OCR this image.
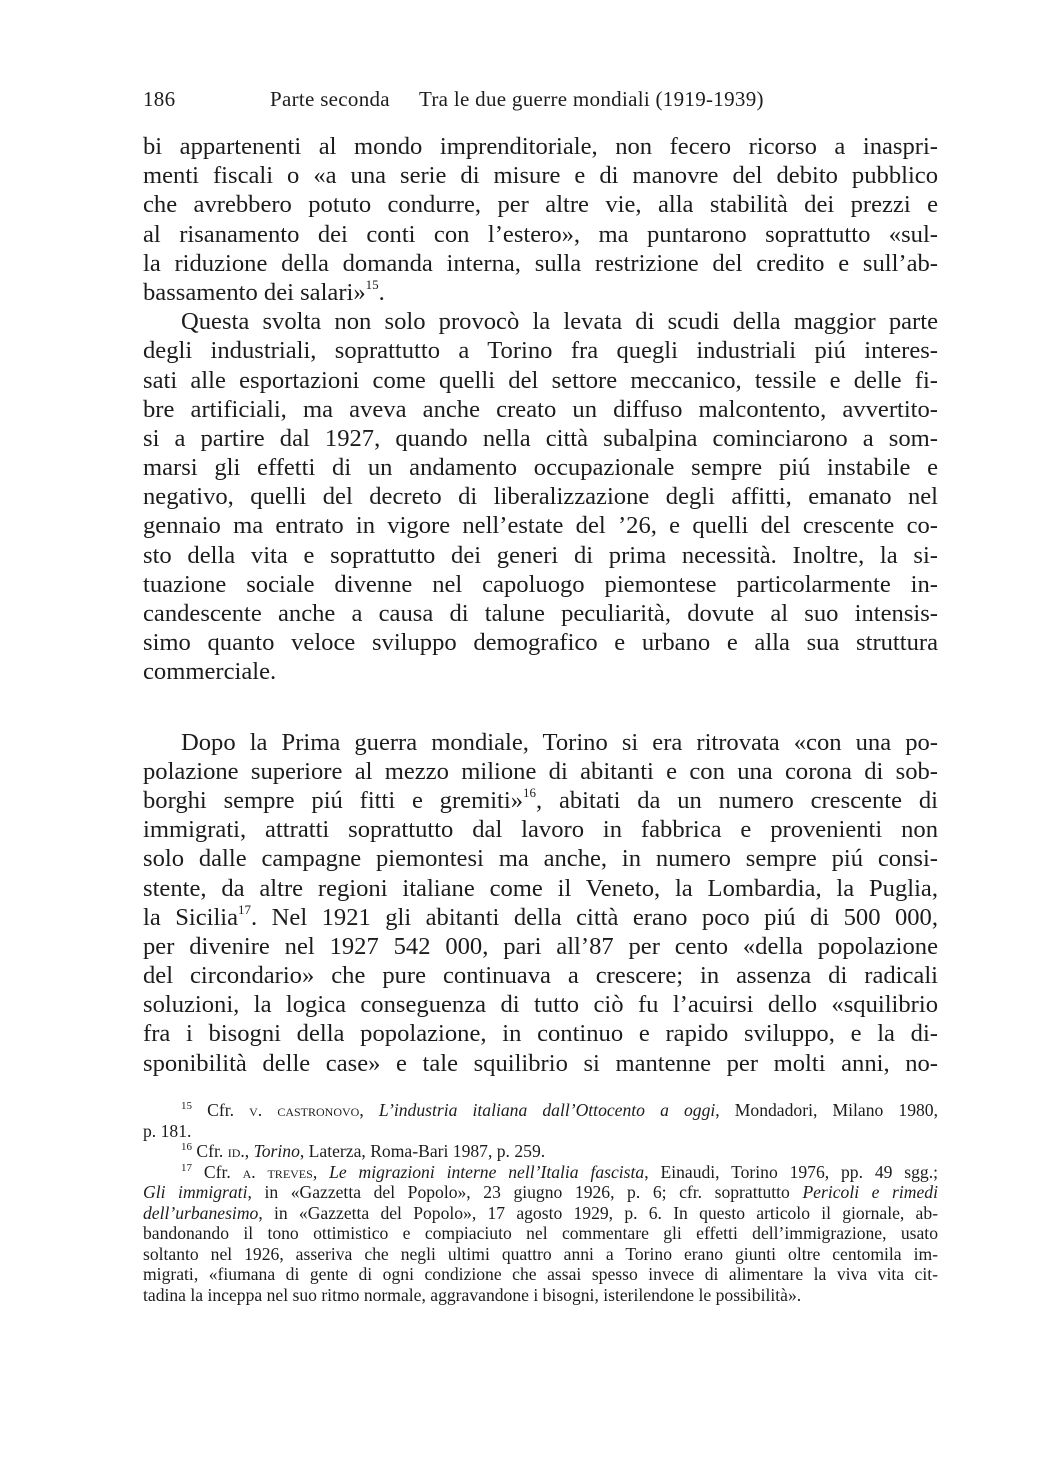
186	Parte seconda Tra le due guerre mondiali (1919-1939)
bi appartenenti al mondo imprenditoriale, non fecero ricorso a inaspri-
menti fiscali o «a una serie di misure e di manovre del debito pubblico
che avrebbero potuto condurre, per altre vie, alla stabilità dei prezzi e
al risanamento dei conti con l’estero», ma puntarono soprattutto «sul-
la riduzione della domanda interna, sulla restrizione del credito e sull’ab-
bassamento dei salari»$^{15}$.
Questa svolta non solo provocò la levata di scudi della maggior parte
degli industriali, soprattutto a Torino fra quegli industriali piú interes-
sati alle esportazioni come quelli del settore meccanico, tessile e delle fi-
bre artificiali, ma aveva anche creato un diffuso malcontento, avvertito-
si a partire dal 1927, quando nella città subalpina cominciarono a som-
marsi gli effetti di un andamento occupazionale sempre piú instabile e
negativo, quelli del decreto di liberalizzazione degli affitti, emanato nel
gennaio ma entrato in vigore nell’estate del ’26, e quelli del crescente co-
sto della vita e soprattutto dei generi di prima necessità. Inoltre, la si-
tuazione sociale divenne nel capoluogo piemontese particolarmente in-
candescente anche a causa di talune peculiarità, dovute al suo intensis-
simo quanto veloce sviluppo demografico e urbano e alla sua struttura
commerciale.
Dopo la Prima guerra mondiale, Torino si era ritrovata «con una po-
polazione superiore al mezzo milione di abitanti e con una corona di sob-
borghi sempre piú fitti e gremiti»$^{16}$, abitati da un numero crescente di
immigrati, attratti soprattutto dal lavoro in fabbrica e provenienti non
solo dalle campagne piemontesi ma anche, in numero sempre piú consi-
stente, da altre regioni italiane come il Veneto, la Lombardia, la Puglia,
la Sicilia$^{17}$. Nel 1921 gli abitanti della città erano poco piú di 500 000,
per divenire nel 1927 542 000, pari all’87 per cento «della popolazione
del circondario» che pure continuava a crescere; in assenza di radicali
soluzioni, la logica conseguenza di tutto ciò fu l’acuirsi dello «squilibrio
fra i bisogni della popolazione, in continuo e rapido sviluppo, e la di-
sponibilità delle case» e tale squilibrio si mantenne per molti anni, no-
$^{15}$ Cfr. v. castronovo, L’industria italiana dall’Ottocento a oggi, Mondadori, Milano 1980,
p. 181.
$^{16}$ Cfr. id., Torino, Laterza, Roma-Bari 1987, p. 259.
$^{17}$ Cfr. a. treves, Le migrazioni interne nell’Italia fascista, Einaudi, Torino 1976, pp. 49 sgg.;
Gli immigrati, in «Gazzetta del Popolo», 23 giugno 1926, p. 6; cfr. soprattutto Pericoli e rimedi
dell’urbanesimo, in «Gazzetta del Popolo», 17 agosto 1929, p. 6. In questo articolo il giornale, ab-
bandonando il tono ottimistico e compiaciuto nel commentare gli effetti dell’immigrazione, usato
soltanto nel 1926, asseriva che negli ultimi quattro anni a Torino erano giunti oltre centomila im-
migrati, «fiumana di gente di ogni condizione che assai spesso invece di alimentare la viva vita cit-
tadina la inceppa nel suo ritmo normale, aggravandone i bisogni, isterilendone le possibilità».
